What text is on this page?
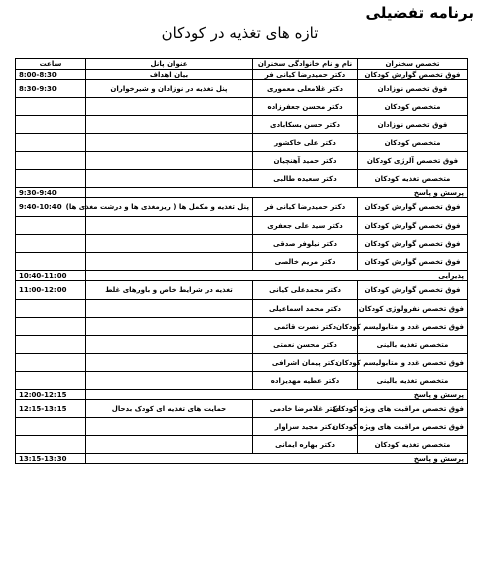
برنامه تفضیلی
تازه های تغذیه در کودکان
تخصص سخنران	نام و نام خانوادگی سخنران	عنوان پانل	ساعت
فوق تخصص گوارش کودکان	دکتر حمیدرضا کیانی فر	بیان اهداف	8:00-8:30
فوق تخصص نوزادان	دکتر غلامعلی معموری	پنل تغذیه در نوزادان و شیرخواران	8:30-9:30
متخصص کودکان	دکتر محسن جعفرزاده		
فوق تخصص نوزادان	دکتر حسن بسکابادی		
متخصص کودکان	دکتر علی خاکشور		
فوق تخصص آلرژی کودکان	دکتر حمید آهنچیان		
متخصص تغذیه کودکان	دکتر سعیده طالبی		
پرسش و پاسخ			9:30-9:40
فوق تخصص گوارش کودکان	دکتر حمیدرضا کیانی فر	پنل تغذیه و مکمل ها ( ریزمغذی ها و درشت مغذی ها)	9:40-10:40
فوق تخصص گوارش کودکان	دکتر سید علی جعفری		
فوق تخصص گوارش کودکان	دکتر نیلوفر صدقی		
فوق تخصص گوارش کودکان	دکتر مریم خالصی		
پذیرایی			10:40-11:00
فوق تخصص گوارش کودکان	دکتر محمدعلی کیانی	تغذیه در شرایط خاص و باورهای غلط	11:00-12:00
فوق تخصص نفرولوژی کودکان	دکتر محمد اسماعیلی		
فوق تخصص غدد و متابولیسم کودکان	دکتر نصرت قائمی		
متخصص تغذیه بالینی	دکتر محسن نعمتی		
فوق تخصص غدد و متابولیسم کودکان	دکتر پیمان اشرافی		
متخصص تغذیه بالینی	دکتر عطیه مهدیزاده		
پرسش و پاسخ			12:00-12:15
فوق تخصص مراقبت های ویژه کودکان	دکتر غلامرضا خادمی	حمایت های تغذیه ای کودک بدحال	12:15-13:15
فوق تخصص مراقبت های ویژه کودکان	دکتر مجید سزاوار		
متخصص تغذیه کودکان	دکتر بهاره ایمانی		
پرسش و پاسخ			13:15-13:30
